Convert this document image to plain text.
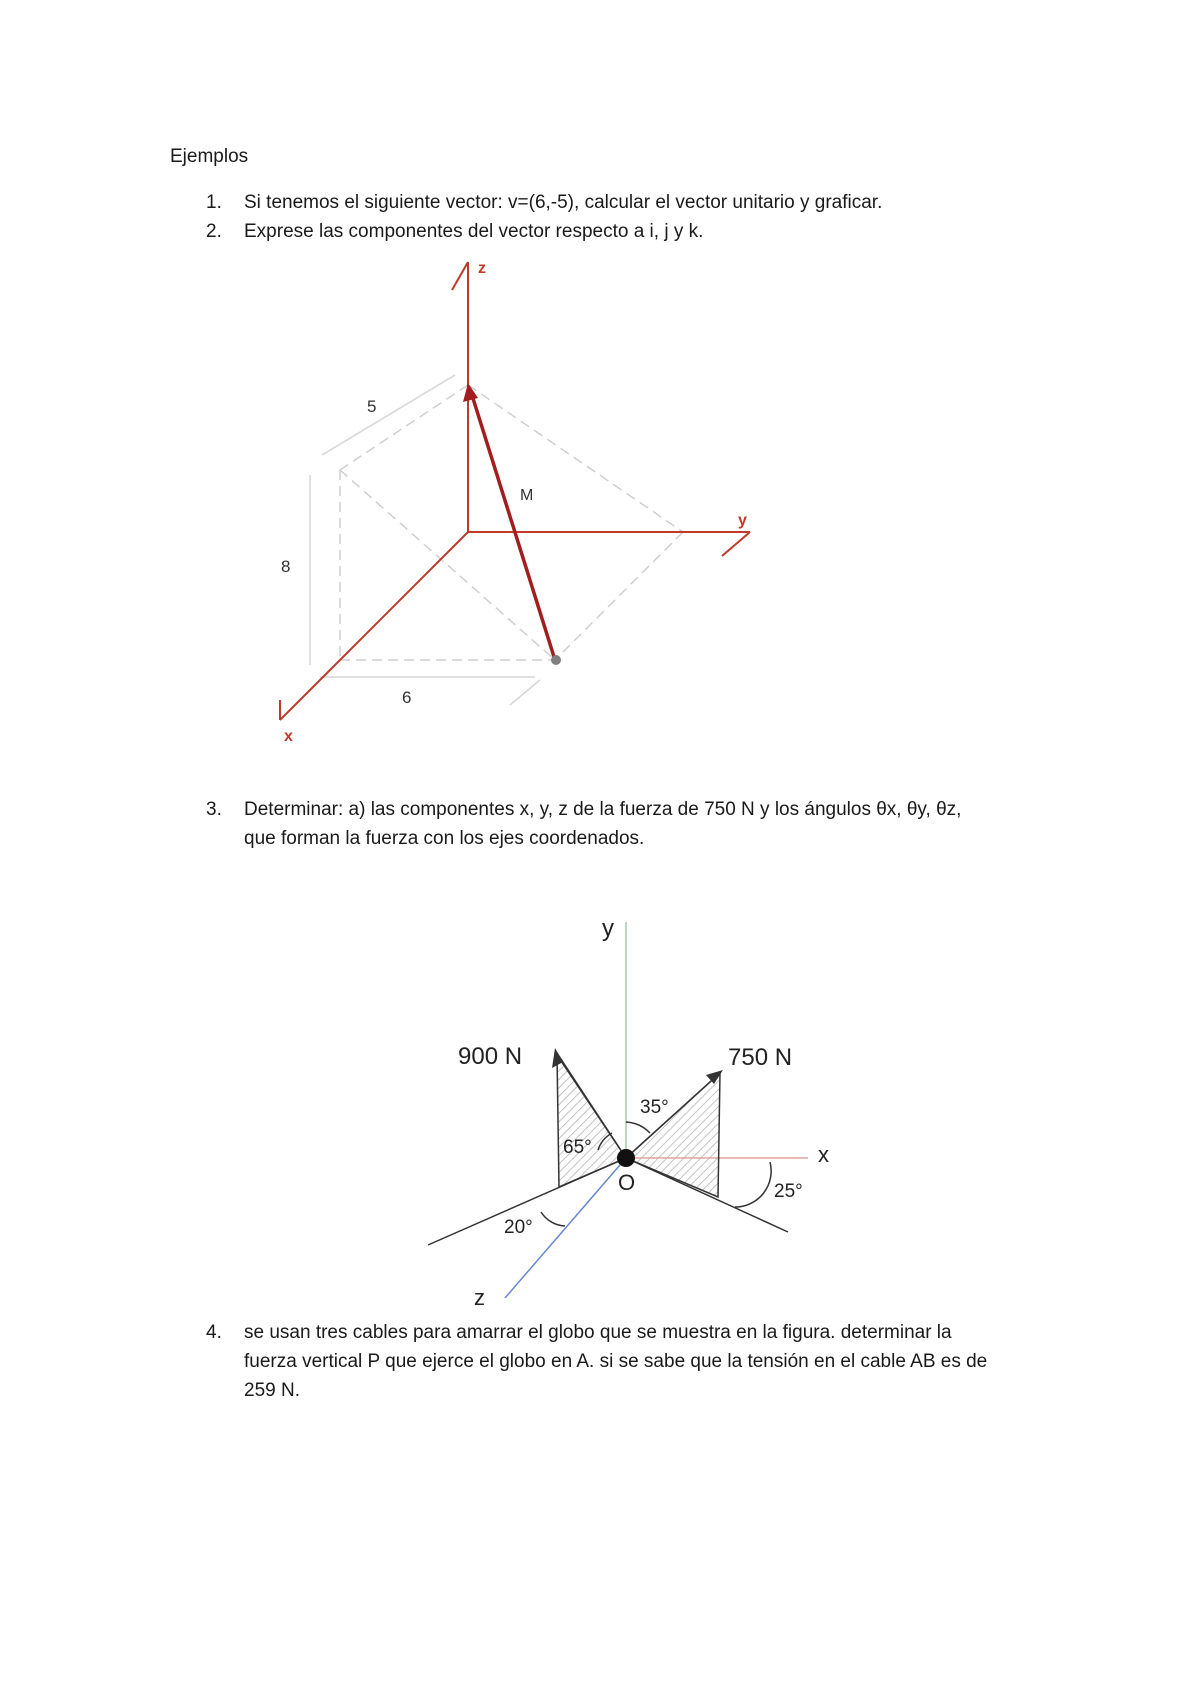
Ejemplos
1.	Si tenemos el siguiente vector: v=(6,-5), calcular el vector unitario y graficar.
2.	Exprese las componentes del vector respecto a i, j y k.
z
y
x
M
5
8
6
3.	Determinar: a) las componentes x, y, z de la fuerza de 750 N y los ángulos θx, θy, θz,
que forman la fuerza con los ejes coordenados.
y
x
z
O
900 N	750 N
35°
65°
25°
20°
4.	se usan tres cables para amarrar el globo que se muestra en la figura. determinar la
fuerza vertical P que ejerce el globo en A. si se sabe que la tensión en el cable AB es de
259 N.
